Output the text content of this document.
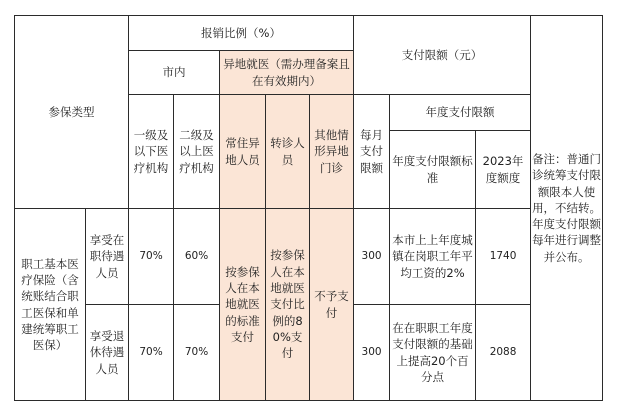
参保类型		报销比例（%）					支付限额（元）			备注：普通门诊统筹支付限额限本人使用，不结转。年度支付限额每年进行调整并公布。
		市内		异地就医（需办理备案且在有效期内）						
		一级及以下医疗机构	二级及以上医疗机构	常住异地人员	转诊人员	其他情形异地门诊	每月支付限额	年度支付限额		
								年度支付限额标准	2023年度额度	
职工基本医疗保险（含统账结合职工医保和单建统筹职工医保）	享受在职待遇人员	70%	60%	按参保人在本地就医的标准支付	按参保人在本地就医支付比例的80%支付	不予支付	300	本市上上年度城镇在岗职工年平均工资的2%	1740	
	享受退休待遇人员	70%	70%				300	在在职职工年度支付限额的基础上提高20个百分点	2088	
